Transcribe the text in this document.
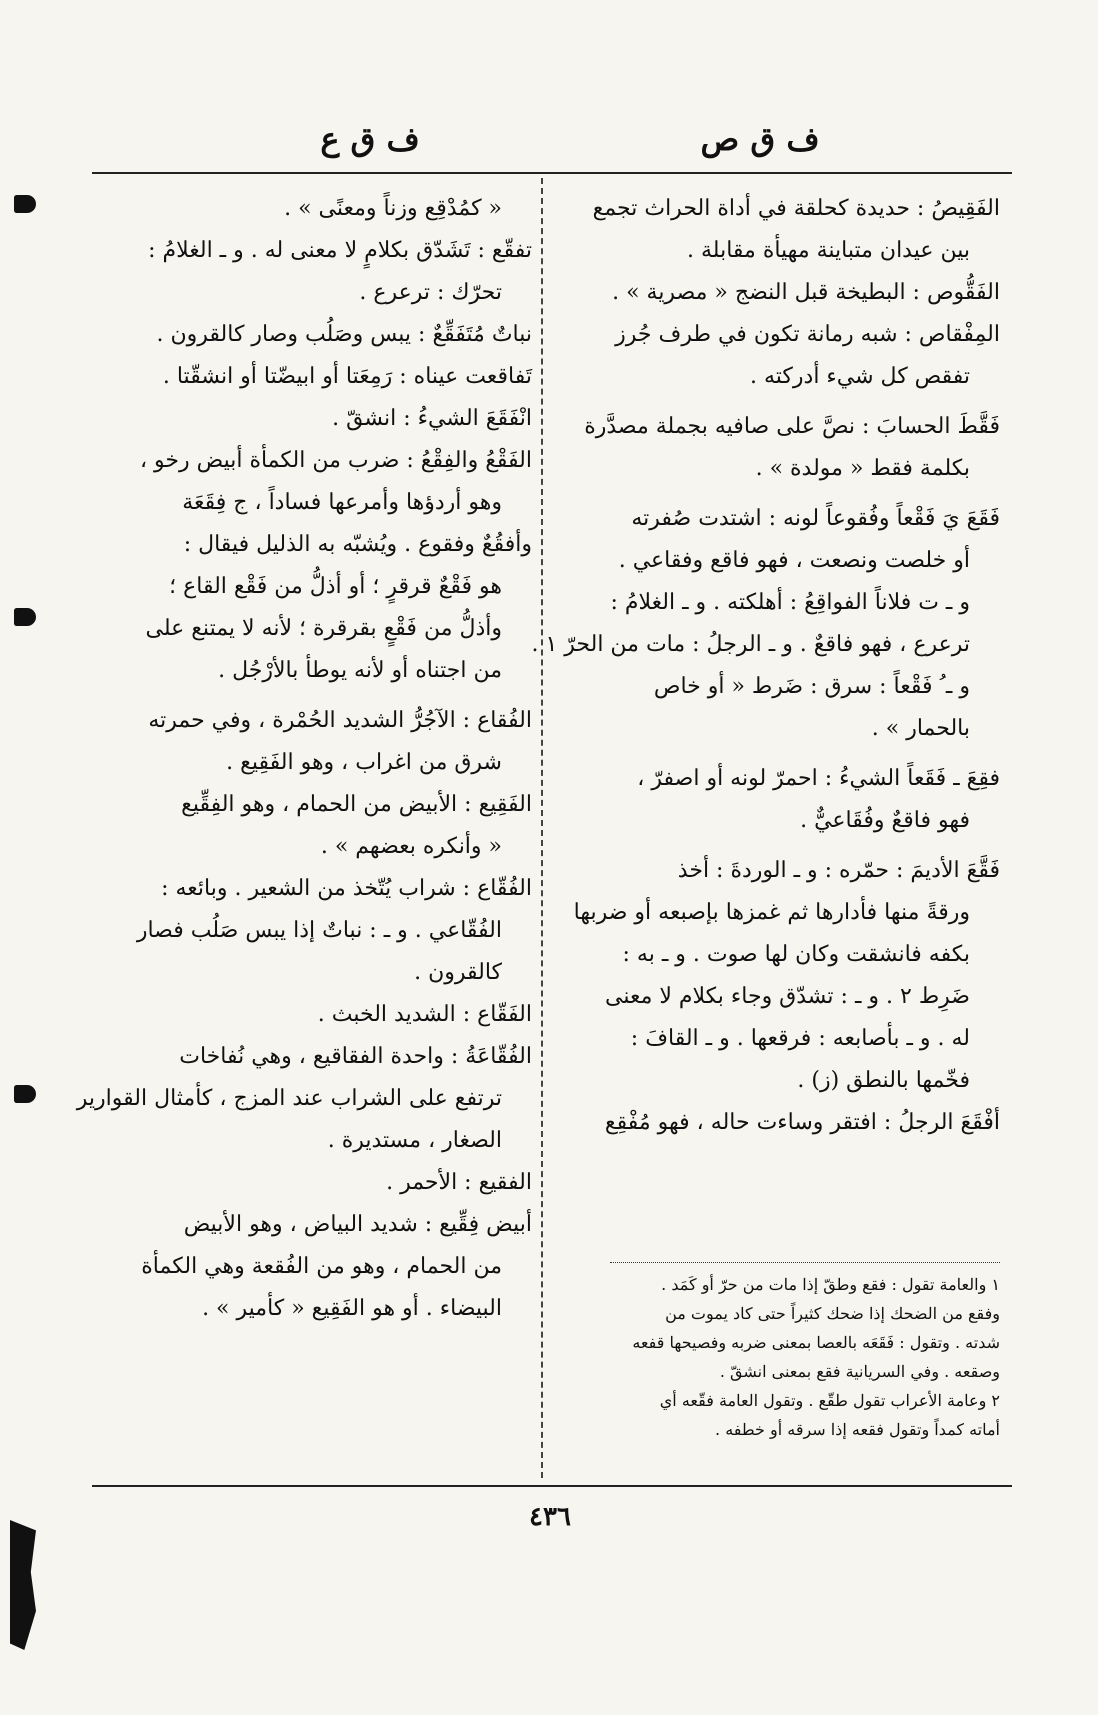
ف ق ص
ف ق ع
الفَقِيصُ : حديدة كحلقة في أداة الحراث تجمع
بين عيدان متباينة مهيأة مقابلة .
الفَقُّوص : البطيخة قبل النضج « مصرية » .
المِفْقاص : شبه رمانة تكون في طرف جُرز
تفقص كل شيء أدركته .
فَقَّطَ الحسابَ : نصَّ على صافيه بجملة مصدَّرة
بكلمة فقط « مولدة » .
فَقَعَ يَ فَقْعاً وفُقوعاً لونه : اشتدت صُفرته
أو خلصت ونصعت ، فهو فاقع وفقاعي .
و ـ ت فلاناً الفواقِعُ : أهلكته . و ـ الغلامُ :
ترعرع ، فهو فاقعٌ . و ـ الرجلُ : مات من الحرّ ١ .
و ـ ُ فَقْعاً : سرق : ضَرط « أو خاص
بالحمار » .
فقِعَ ـ فَقَعاً الشيءُ : احمرّ لونه أو اصفرّ ،
فهو فاقعٌ وفُقَاعيٌّ .
فَقَّعَ الأديمَ : حمّره : و ـ الوردةَ : أخذ
ورقةً منها فأدارها ثم غمزها بإصبعه أو ضربها
بكفه فانشقت وكان لها صوت . و ـ به :
ضَرِط ٢ . و ـ : تشدّق وجاء بكلام لا معنى
له . و ـ بأصابعه : فرقعها . و ـ القافَ :
فخّمها بالنطق (ز) .
أفْقَعَ الرجلُ : افتقر وساءت حاله ، فهو مُفْقِع
« كمُدْقِع وزناً ومعنًى » .
تفقّع : تَشَدّق بكلامٍ لا معنى له . و ـ الغلامُ :
تحرّك : ترعرع .
نباتٌ مُتَفَقِّعٌ : يبس وصَلُب وصار كالقرون .
تَفاقعت عيناه : رَمِعَتا أو ابيضّتا أو انشقّتا .
انْفَقَعَ الشيءُ : انشقّ .
الفَقْعُ والفِقْعُ : ضرب من الكمأة أبيض رخو ،
وهو أردؤها وأمرعها فساداً ، ج فِقَعَة
وأفقُعٌ وفقوع . ويُشبّه به الذليل فيقال :
هو فَقْعٌ قرقرٍ ؛ أو أذلُّ من فَقْع القاع ؛
وأذلُّ من فَقْعٍ بقرقرة ؛ لأنه لا يمتنع على
من اجتناه أو لأنه يوطأ بالأرْجُل .
الفُقاع : الآجُرُّ الشديد الحُمْرة ، وفي حمرته
شرق من اغراب ، وهو الفَقِيع .
الفَقِيع : الأبيض من الحمام ، وهو الفِقِّيع
« وأنكره بعضهم » .
الفُقّاع : شراب يُتّخذ من الشعير . وبائعه :
الفُقّاعي . و ـ : نباتٌ إذا يبس صَلُب فصار
كالقرون .
الفَقّاع : الشديد الخبث .
الفُقّاعَةُ : واحدة الفقاقيع ، وهي نُفاخات
ترتفع على الشراب عند المزج ، كأمثال القوارير
الصغار ، مستديرة .
الفقيع : الأحمر .
أبيض فِقِّيع : شديد البياض ، وهو الأبيض
من الحمام ، وهو من الفُقعة وهي الكمأة
البيضاء . أو هو الفَقِيع « كأمير » .
١ والعامة تقول : فقع وطقّ إذا مات من حرّ أو كَمَد .
وفقع من الضحك إذا ضحك كثيراً حتى كاد يموت من
شدته . وتقول : فَقَعَه بالعصا بمعنى ضربه وفصيحها قفعه
وصقعه . وفي السريانية فقع بمعنى انشقّ .
٢ وعامة الأعراب تقول طقّع . وتقول العامة فقّعه أي
أماته كمداً وتقول فقعه إذا سرقه أو خطفه .
٤٣٦
